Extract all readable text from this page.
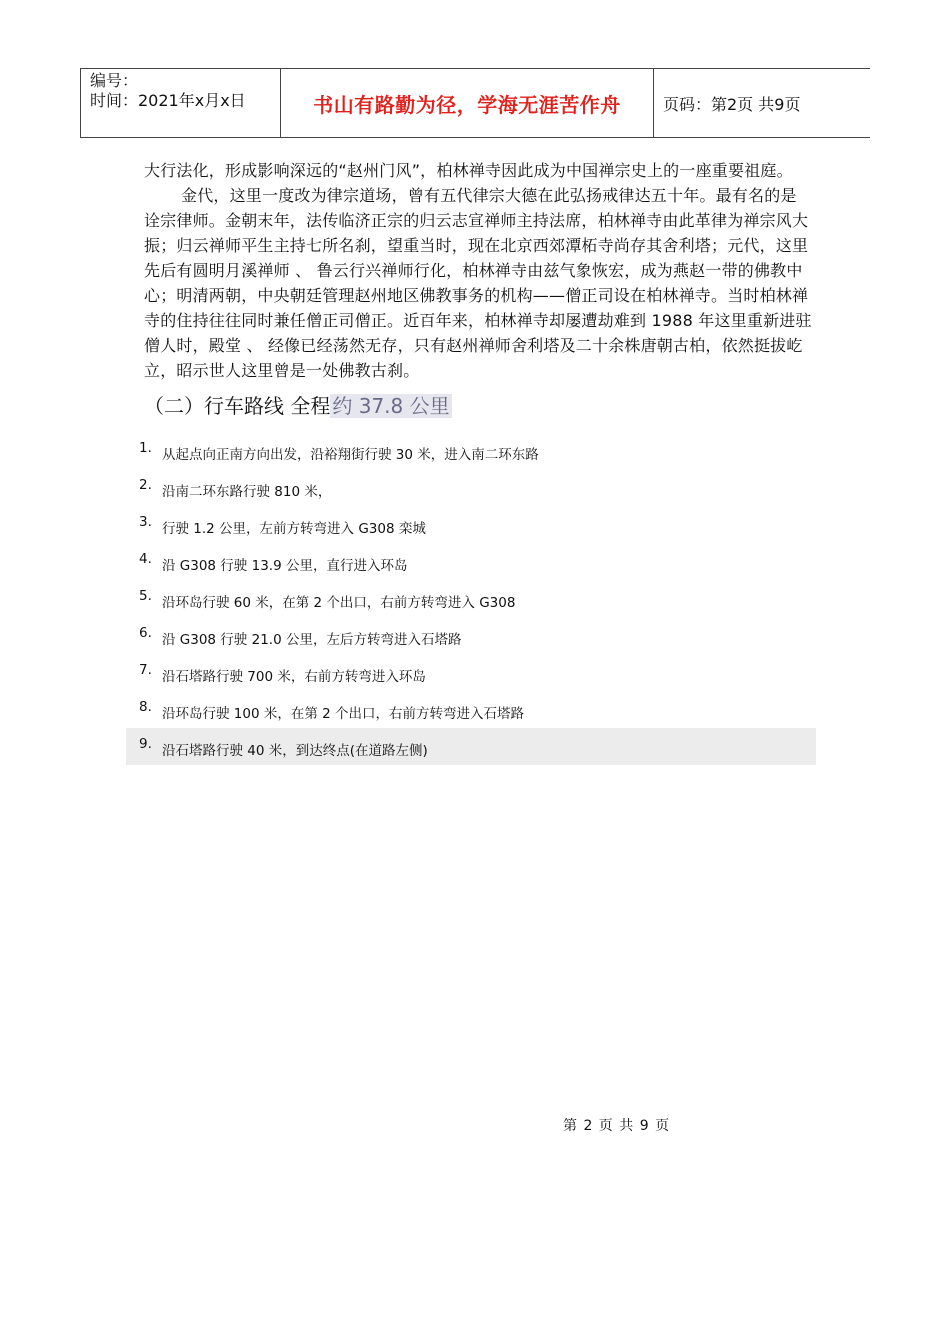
编号：
时间：2021年x月x日	书山有路勤为径，学海无涯苦作舟	页码：第2页 共9页

大行法化，形成影响深远的“赵州门风”，柏林禅寺因此成为中国禅宗史上的一座重要祖庭。

金代，这里一度改为律宗道场，曾有五代律宗大德在此弘扬戒律达五十年。最有名的是诠宗律师。金朝末年，法传临济正宗的归云志宣禅师主持法席，柏林禅寺由此革律为禅宗风大振；归云禅师平生主持七所名刹，望重当时，现在北京西郊潭柘寺尚存其舍利塔；元代，这里先后有圆明月溪禅师 、 鲁云行兴禅师行化，柏林禅寺由兹气象恢宏，成为燕赵一带的佛教中心；明清两朝，中央朝廷管理赵州地区佛教事务的机构——僧正司设在柏林禅寺。当时柏林禅寺的住持往往同时兼任僧正司僧正。近百年来，柏林禅寺却屡遭劫难到 1988 年这里重新进驻僧人时，殿堂 、 经像已经荡然无存，只有赵州禅师舍利塔及二十余株唐朝古柏，依然挺拔屹立，昭示世人这里曾是一处佛教古刹。

（二）行车路线 全程 约 37.8 公里
1. 从起点向正南方向出发，沿裕翔街行驶 30 米，进入南二环东路
2. 沿南二环东路行驶 810 米，
3. 行驶 1.2 公里，左前方转弯进入 G308 栾城
4. 沿 G308 行驶 13.9 公里，直行进入环岛
5. 沿环岛行驶 60 米，在第 2 个出口，右前方转弯进入 G308
6. 沿 G308 行驶 21.0 公里，左后方转弯进入石塔路
7. 沿石塔路行驶 700 米，右前方转弯进入环岛
8. 沿环岛行驶 100 米，在第 2 个出口，右前方转弯进入石塔路
9. 沿石塔路行驶 40 米，到达终点(在道路左侧)
第 2 页 共 9 页
